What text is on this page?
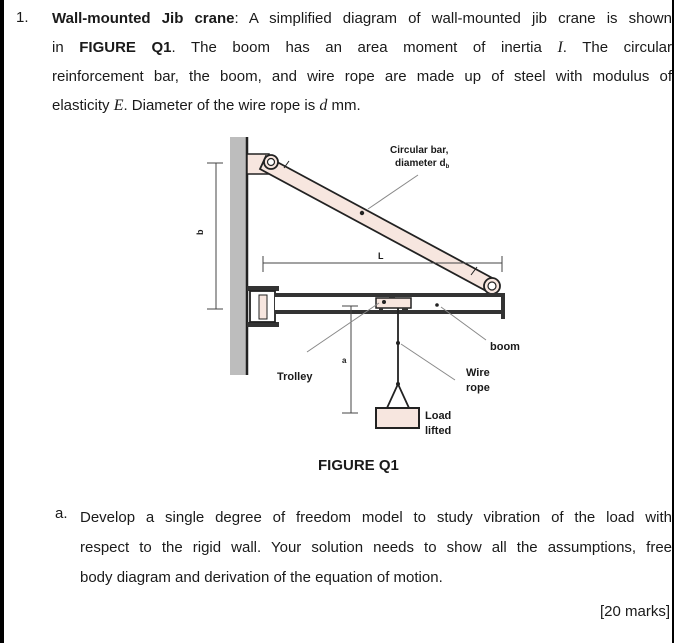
1. Wall-mounted Jib crane: A simplified diagram of wall-mounted jib crane is shown
in FIGURE Q1. The boom has an area moment of inertia I. The circular
reinforcement bar, the boom, and wire rope are made up of steel with modulus of
elasticity E. Diameter of the wire rope is d mm.
b
Circular bar,
diameter $d_b$
L
a
Trolley
boom
Wire
rope
Load
lifted
FIGURE Q1
a. Develop a single degree of freedom model to study vibration of the load with
respect to the rigid wall. Your solution needs to show all the assumptions, free
body diagram and derivation of the equation of motion.
[20 marks]
